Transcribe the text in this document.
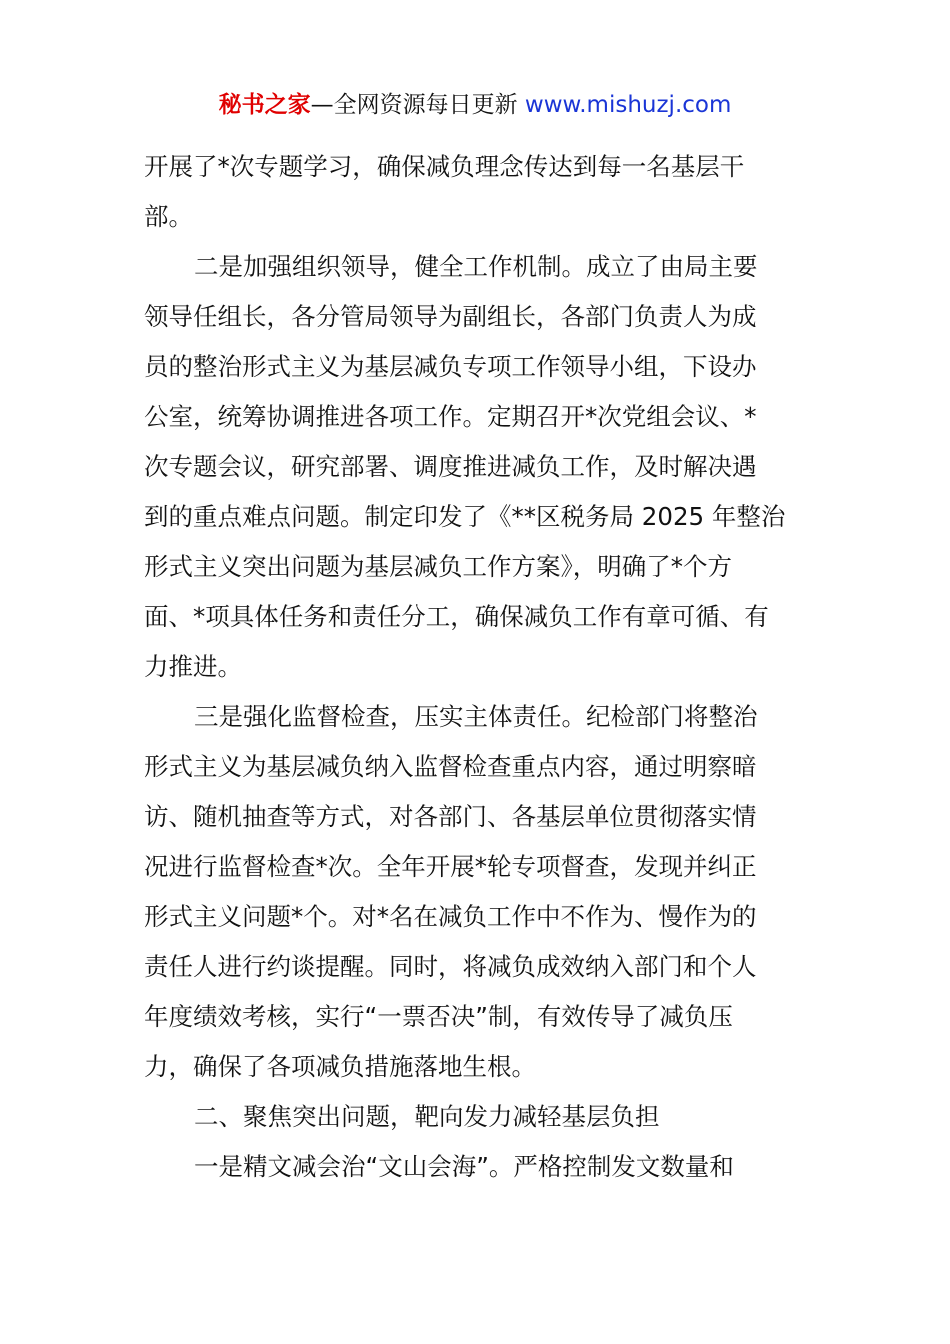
秘书之家—全网资源每日更新 www.mishuzj.com
开展了*次专题学习，确保减负理念传达到每一名基层干
部。
二是加强组织领导，健全工作机制。成立了由局主要
领导任组长，各分管局领导为副组长，各部门负责人为成
员的整治形式主义为基层减负专项工作领导小组，下设办
公室，统筹协调推进各项工作。定期召开*次党组会议、*
次专题会议，研究部署、调度推进减负工作，及时解决遇
到的重点难点问题。制定印发了《**区税务局 2025 年整治
形式主义突出问题为基层减负工作方案》，明确了*个方
面、*项具体任务和责任分工，确保减负工作有章可循、有
力推进。
三是强化监督检查，压实主体责任。纪检部门将整治
形式主义为基层减负纳入监督检查重点内容，通过明察暗
访、随机抽查等方式，对各部门、各基层单位贯彻落实情
况进行监督检查*次。全年开展*轮专项督查，发现并纠正
形式主义问题*个。对*名在减负工作中不作为、慢作为的
责任人进行约谈提醒。同时，将减负成效纳入部门和个人
年度绩效考核，实行“一票否决”制，有效传导了减负压
力，确保了各项减负措施落地生根。
二、聚焦突出问题，靶向发力减轻基层负担
一是精文减会治“文山会海”。严格控制发文数量和
